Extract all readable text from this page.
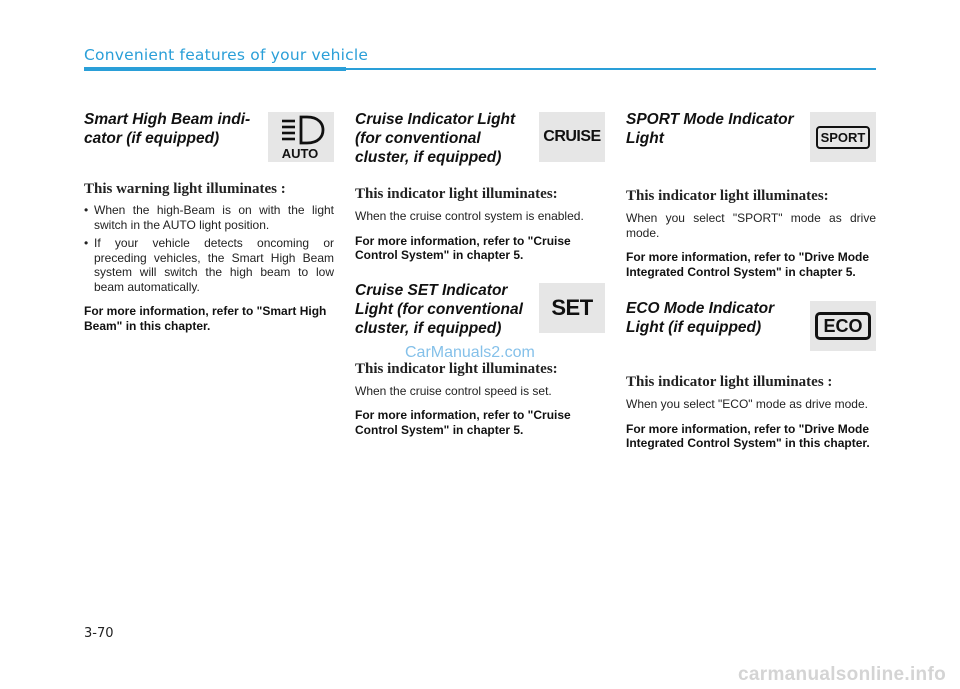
Convenient features of your vehicle
Smart High Beam indi-cator (if equipped)
AUTO

This warning light illuminates :

• When the high-Beam is on with the light switch in the AUTO light position.
• If your vehicle detects oncoming or preceding vehicles, the Smart High Beam system will switch the high beam to low beam automatically.

For more information, refer to "Smart High Beam" in this chapter.

Cruise Indicator Light (for conventional cluster, if equipped)
CRUISE

This indicator light illuminates:

When the cruise control system is enabled.

For more information, refer to "Cruise Control System" in chapter 5.

Cruise SET Indicator Light (for conventional cluster, if equipped)
SET

This indicator light illuminates:

When the cruise control speed is set.

For more information, refer to "Cruise Control System" in chapter 5.

SPORT Mode Indicator Light	SPORT

This indicator light illuminates:

When you select "SPORT" mode as drive mode.

For more information, refer to "Drive Mode Integrated Control System" in chapter 5.

ECO Mode Indicator Light (if equipped)	ECO

This indicator light illuminates :

When you select "ECO" mode as drive mode.

For more information, refer to "Drive Mode Integrated Control System" in this chapter.

CarManuals2.com

3-70

carmanualsonline.info
